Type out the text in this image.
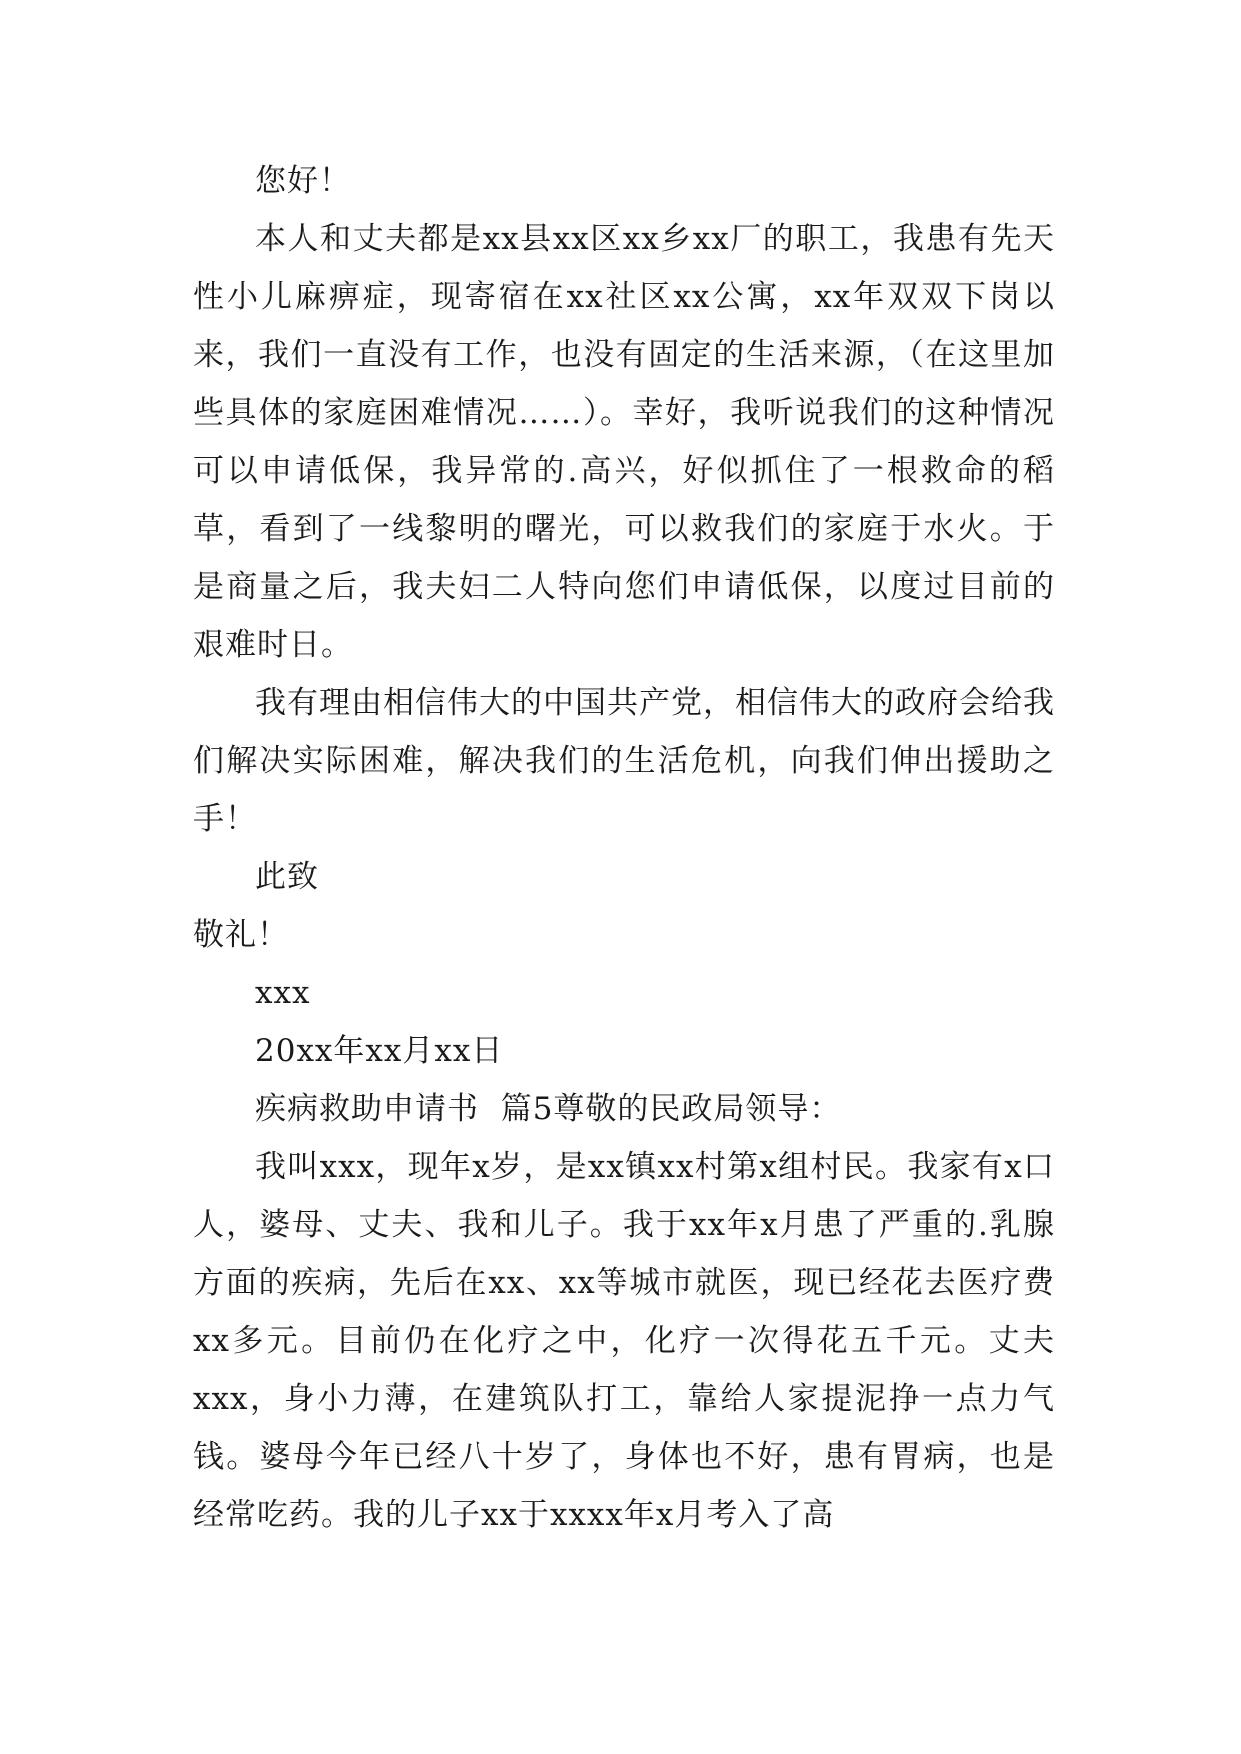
您好！

本人和丈夫都是xx县xx区xx乡xx厂的职工，我患有先天性小儿麻痹症，现寄宿在xx社区xx公寓，xx年双双下岗以来，我们一直没有工作，也没有固定的生活来源，（在这里加些具体的家庭困难情况……）。幸好，我听说我们的这种情况可以申请低保，我异常的.高兴，好似抓住了一根救命的稻草，看到了一线黎明的曙光，可以救我们的家庭于水火。于是商量之后，我夫妇二人特向您们申请低保，以度过目前的艰难时日。

我有理由相信伟大的中国共产党，相信伟大的政府会给我们解决实际困难，解决我们的生活危机，向我们伸出援助之手！

此致

敬礼！

xxx

20xx年xx月xx日

疾病救助申请书  篇5尊敬的民政局领导：

我叫xxx，现年x岁，是xx镇xx村第x组村民。我家有x口人，婆母、丈夫、我和儿子。我于xx年x月患了严重的.乳腺方面的疾病，先后在xx、xx等城市就医，现已经花去医疗费xx多元。目前仍在化疗之中，化疗一次得花五千元。丈夫xxx，身小力薄，在建筑队打工，靠给人家提泥挣一点力气钱。婆母今年已经八十岁了，身体也不好，患有胃病，也是经常吃药。我的儿子xx于xxxx年x月考入了高
